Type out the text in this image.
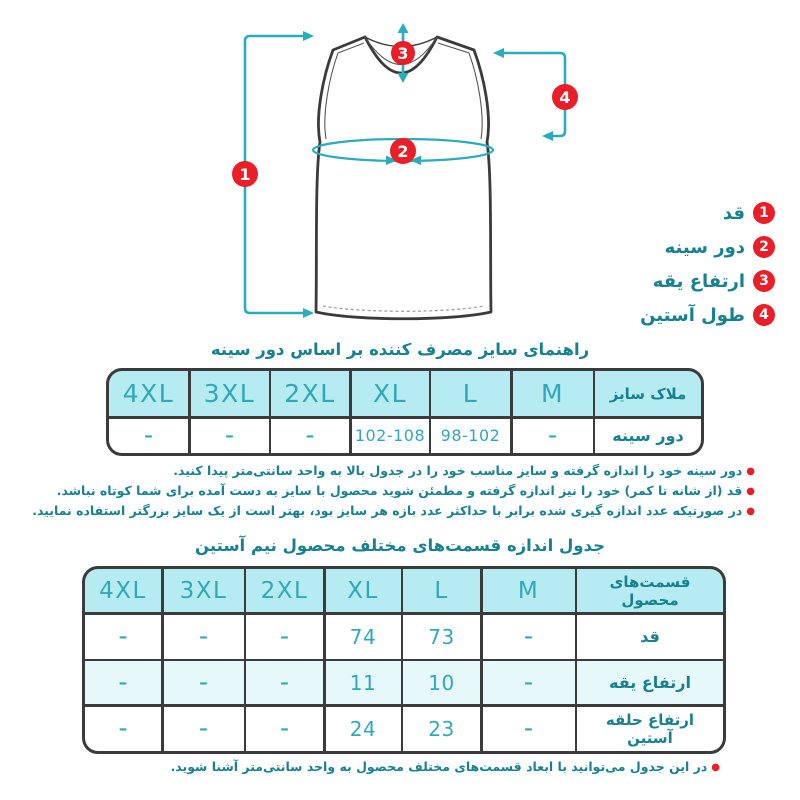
1
2
3
4
1
قد
2
دور سینه
3
ارتفاع یقه
4
طول آستین
راهنمای سایز مصرف کننده بر اساس دور سینه
4XL 3XL 2XL XL L	M	ملاک سایز
–	–	–	102-108 98-102	–	دور سینه
●دور سینه خود را اندازه گرفته و سایز مناسب خود را در جدول بالا به واحد سانتی‌متر پیدا کنید.
●قد (از شانه تا کمر) خود را نیز اندازه گرفته و مطمئن شوید محصول با سایز به دست آمده برای شما کوتاه نباشد.
●در صورتیکه عدد اندازه گیری شده برابر با حداکثر عدد بازه هر سایز بود، بهتر است از یک سایز بزرگتر استفاده نمایید.
جدول اندازه قسمت‌های مختلف محصول نیم آستین
4XL 3XL 2XL XL L	M	قسمت‌های محصول
–	–	–	74	73	–	قد
–	–	–	11	10	–	ارتفاع یقه
–	–	–	24	23	–	ارتفاع حلقه آستین
●در این جدول می‌توانید با ابعاد قسمت‌های مختلف محصول به واحد سانتی‌متر آشنا شوید.
